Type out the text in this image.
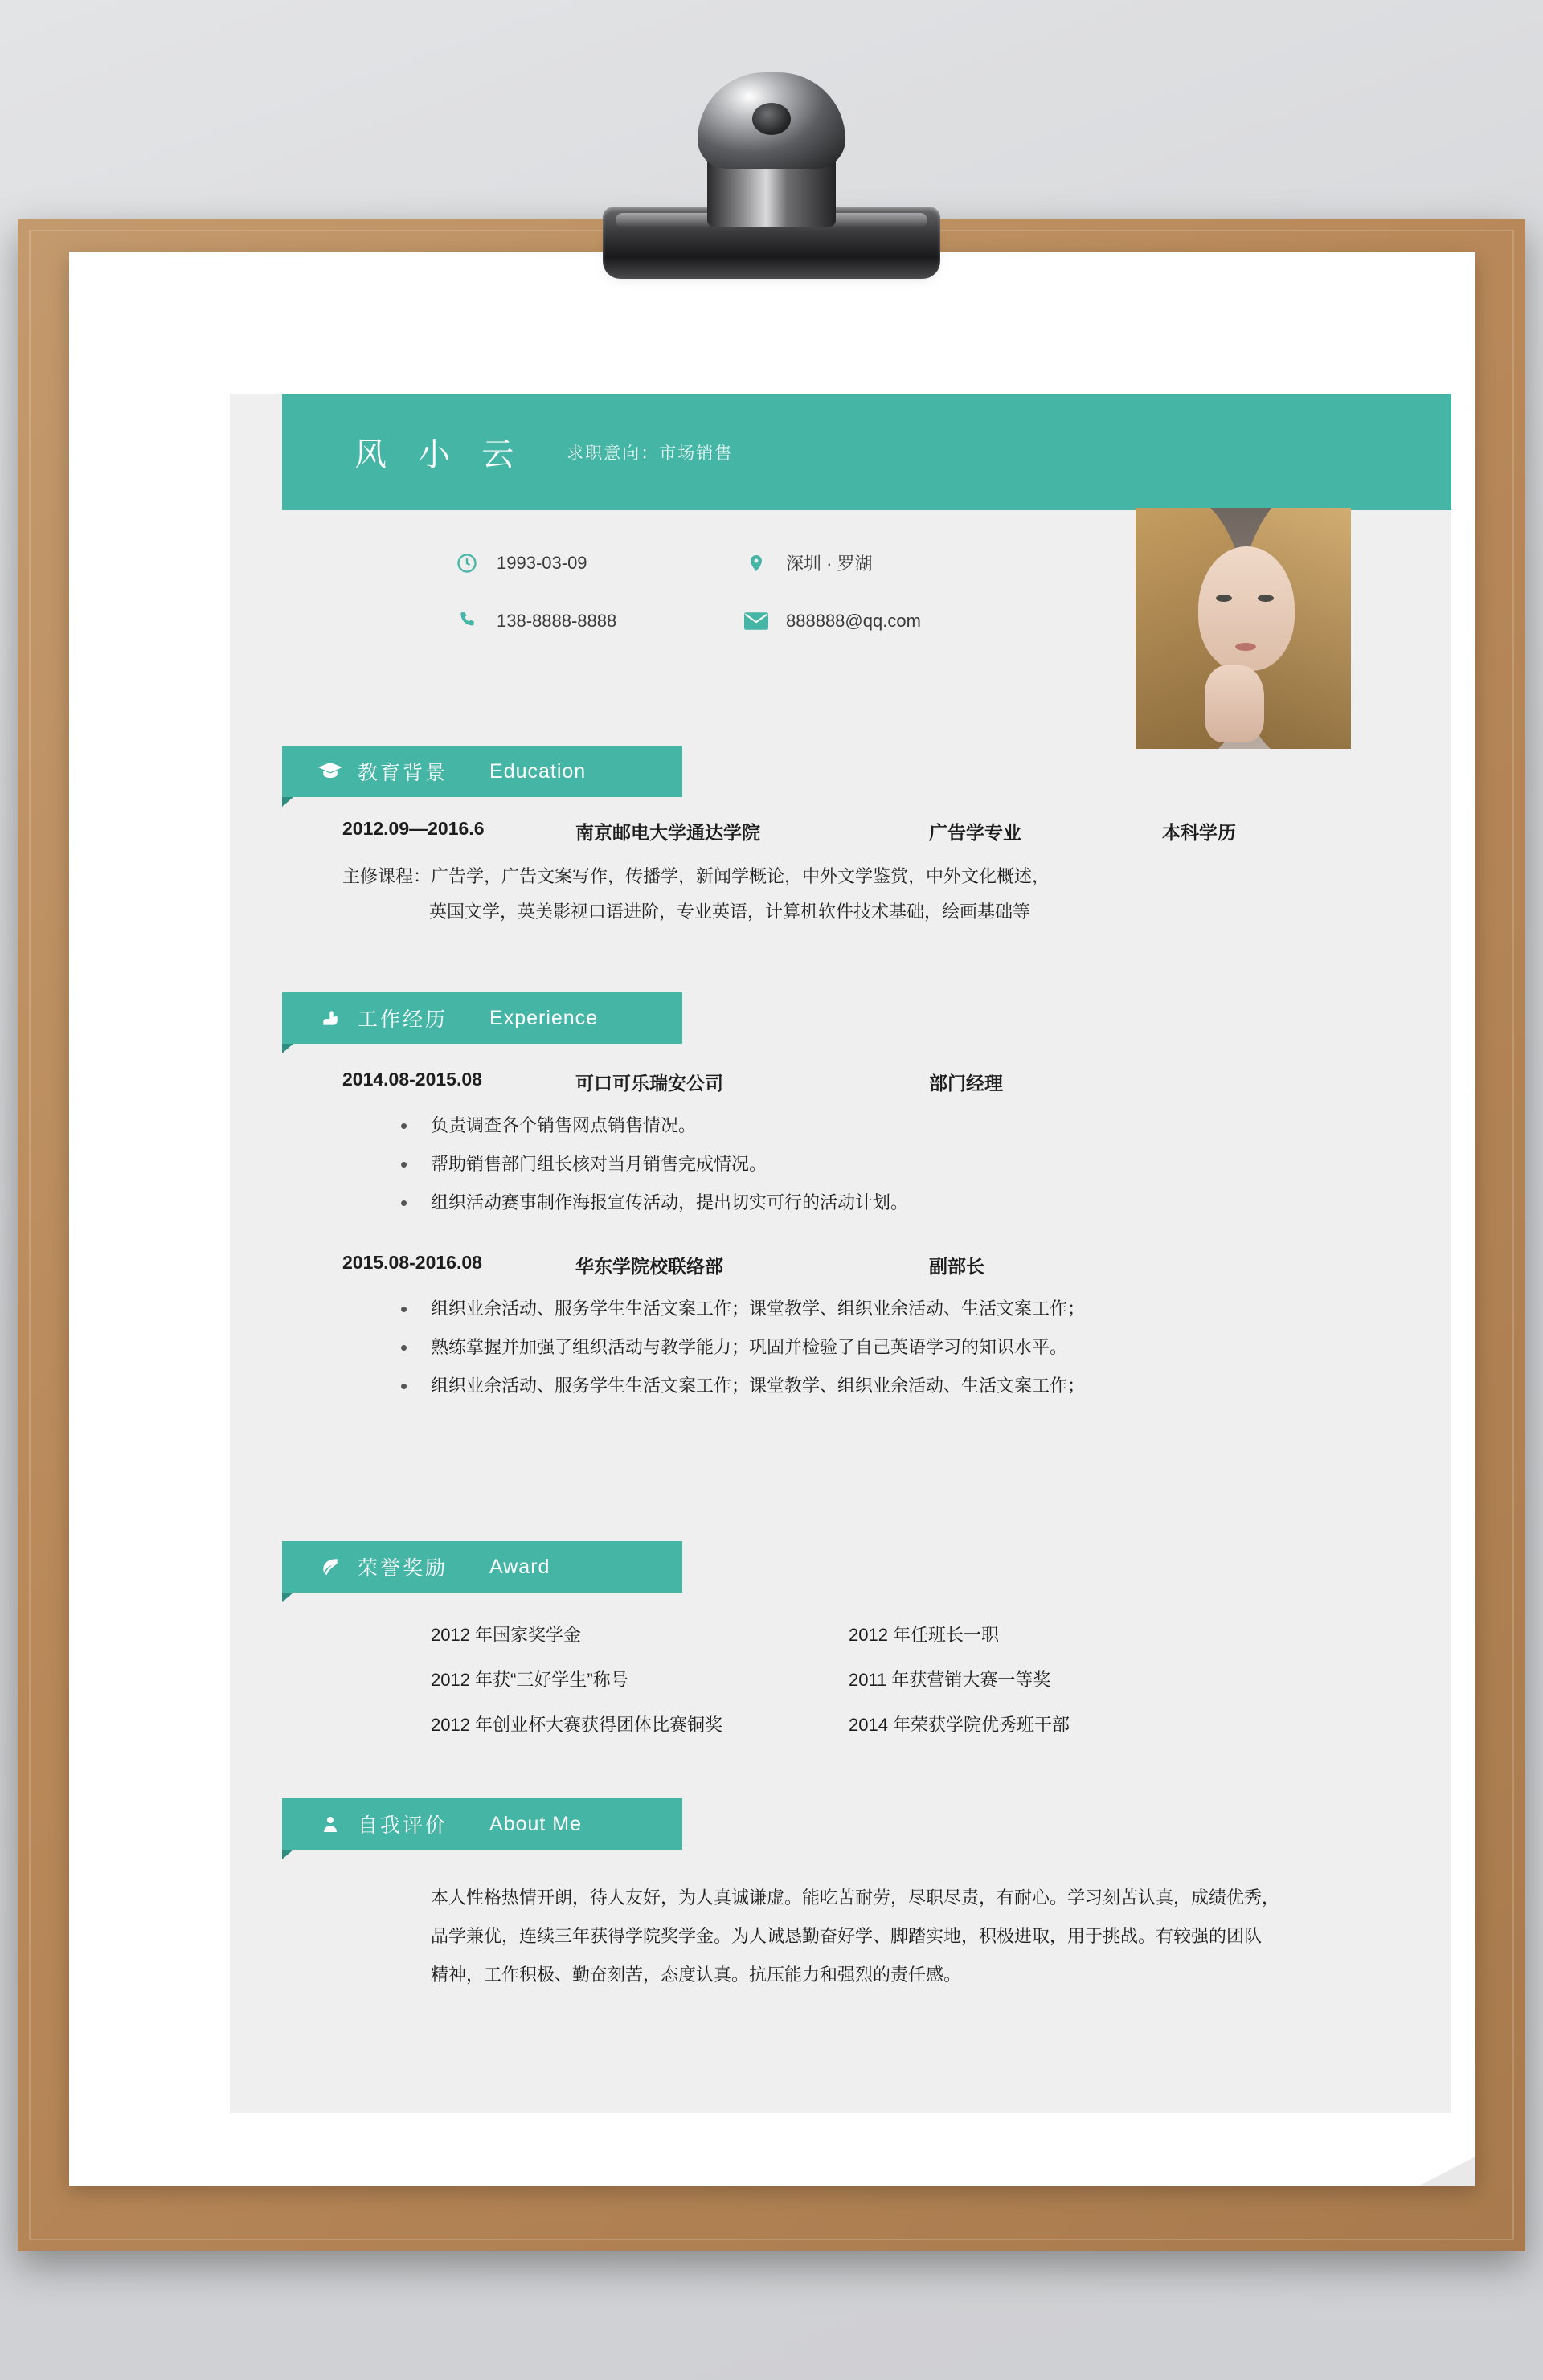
风 小 云 求职意向：市场销售
1993-03-09	深圳 · 罗湖
138-8888-8888	888888@qq.com
教育背景 Education
2012.09—2016.6	南京邮电大学通达学院	广告学专业	本科学历
主修课程：广告学，广告文案写作，传播学，新闻学概论，中外文学鉴赏，中外文化概述，
英国文学，英美影视口语进阶，专业英语，计算机软件技术基础，绘画基础等
工作经历 Experience
2014.08-2015.08	可口可乐瑞安公司	部门经理
• 负责调查各个销售网点销售情况。
• 帮助销售部门组长核对当月销售完成情况。
• 组织活动赛事制作海报宣传活动，提出切实可行的活动计划。
2015.08-2016.08	华东学院校联络部	副部长
• 组织业余活动、服务学生生活文案工作；课堂教学、组织业余活动、生活文案工作；
• 熟练掌握并加强了组织活动与教学能力；巩固并检验了自己英语学习的知识水平。
• 组织业余活动、服务学生生活文案工作；课堂教学、组织业余活动、生活文案工作；
荣誉奖励 Award
2012 年国家奖学金	2012 年任班长一职
2012 年获“三好学生”称号	2011 年获营销大赛一等奖
2012 年创业杯大赛获得团体比赛铜奖	2014 年荣获学院优秀班干部
自我评价 About Me
本人性格热情开朗，待人友好，为人真诚谦虚。能吃苦耐劳，尽职尽责，有耐心。学习刻苦认真，成绩优秀，
品学兼优，连续三年获得学院奖学金。为人诚恳勤奋好学、脚踏实地，积极进取，用于挑战。有较强的团队
精神，工作积极、勤奋刻苦，态度认真。抗压能力和强烈的责任感。
